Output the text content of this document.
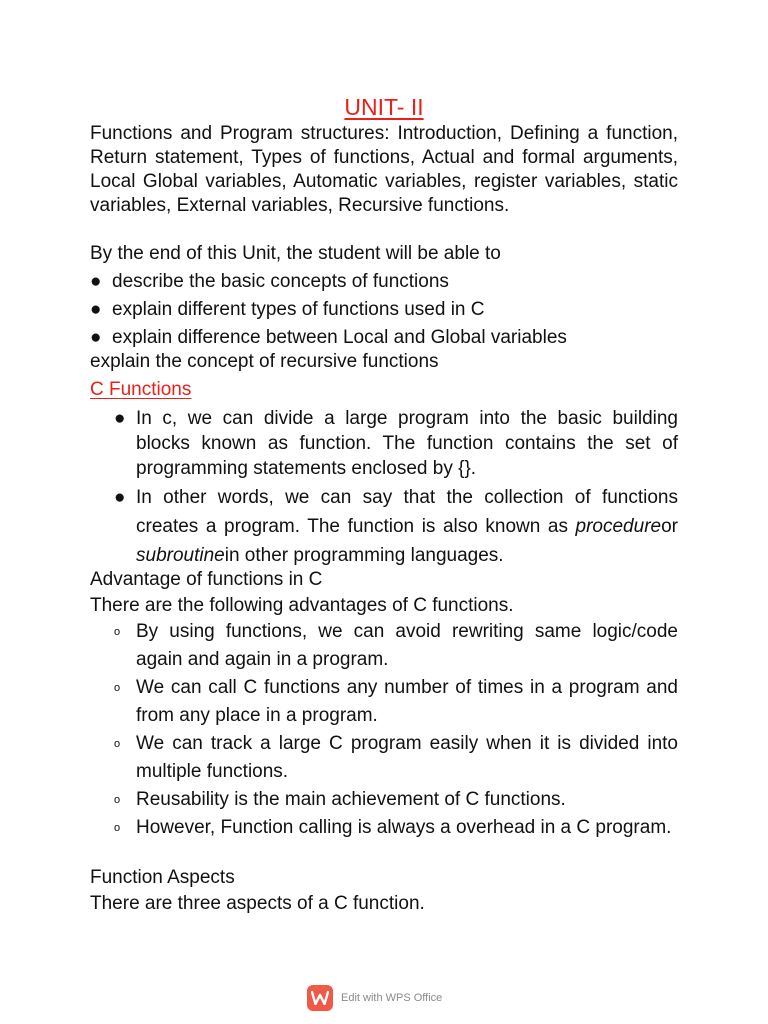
UNIT- II

Functions and Program structures: Introduction, Defining a function, Return statement, Types of functions, Actual and formal arguments, Local Global variables, Automatic variables, register variables, static variables, External variables, Recursive functions.

By the end of this Unit, the student will be able to

● describe the basic concepts of functions
● explain different types of functions used in C
● explain difference between Local and Global variables

explain the concept of recursive functions

C Functions

● In c, we can divide a large program into the basic building blocks known as function. The function contains the set of programming statements enclosed by {}.
● In other words, we can say that the collection of functions creates a program. The function is also known as procedureor subroutinein other programming languages.

Advantage of functions in C

There are the following advantages of C functions.

o By using functions, we can avoid rewriting same logic/code again and again in a program.
o We can call C functions any number of times in a program and from any place in a program.
o We can track a large C program easily when it is divided into multiple functions.
o Reusability is the main achievement of C functions.
o However, Function calling is always a overhead in a C program.

Function Aspects

There are three aspects of a C function.

Edit with WPS Office
